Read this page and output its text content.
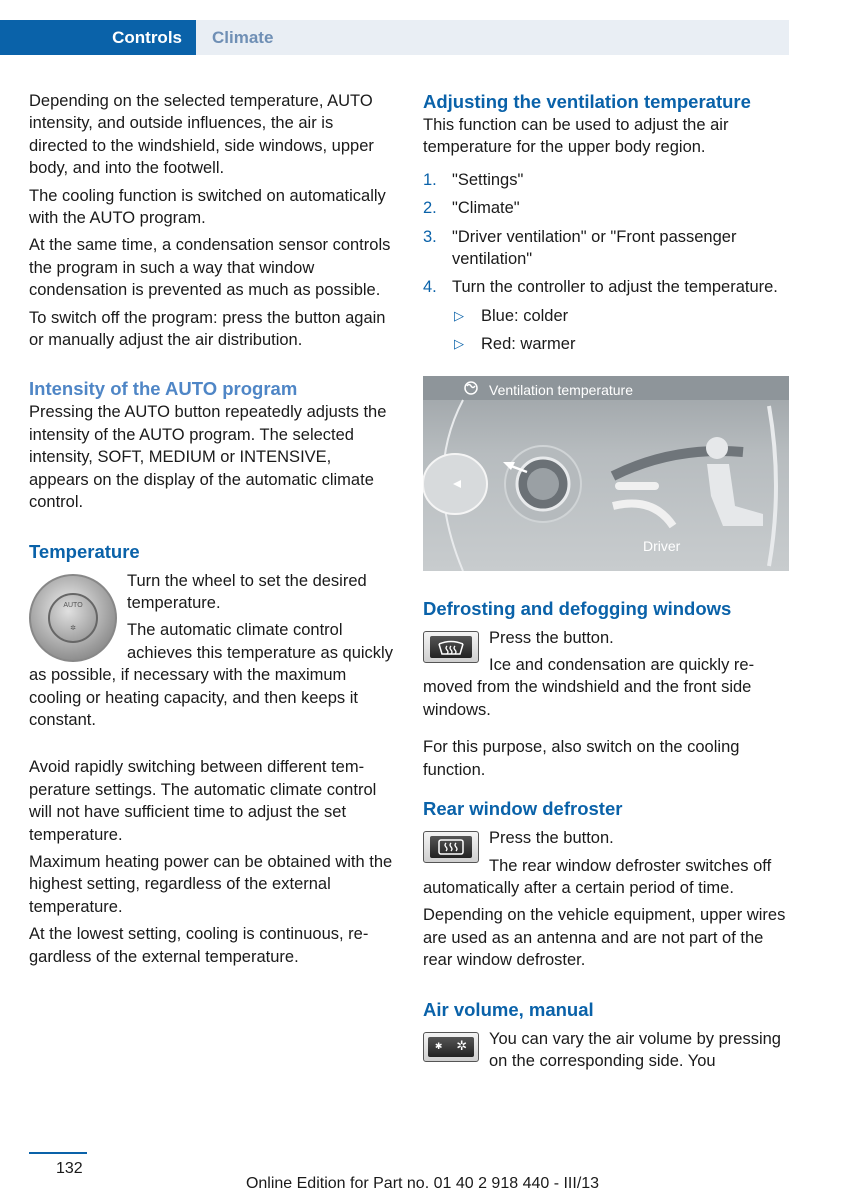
Controls Climate

Depending on the selected temperature, AUTO intensity, and outside influences, the air is directed to the windshield, side windows, upper body, and into the footwell.

The cooling function is switched on automatically with the AUTO program.

At the same time, a condensation sensor controls the program in such a way that window condensation is prevented as much as possible.

To switch off the program: press the button again or manually adjust the air distribution.

Intensity of the AUTO program

Pressing the AUTO button repeatedly adjusts the intensity of the AUTO program. The selected intensity, SOFT, MEDIUM or INTENSIVE, appears on the display of the automatic climate control.

Temperature
AUTO
✲

Turn the wheel to set the desired temperature.

The automatic climate control achieves this temperature as quickly as possible, if necessary with the maximum cooling or heating capacity, and then keeps it constant.

Avoid rapidly switching between different temperature settings. The automatic climate control will not have sufficient time to adjust the set temperature.

Maximum heating power can be obtained with the highest setting, regardless of the external temperature.

At the lowest setting, cooling is continuous, regardless of the external temperature.

Adjusting the ventilation temperature

This function can be used to adjust the air temperature for the upper body region.

1. "Settings"
2. "Climate"
3. "Driver ventilation" or "Front passenger ventilation"
4. Turn the controller to adjust the temperature.
▷ Blue: colder
▷ Red: warmer
Ventilation temperature
Driver
Defrosting and defogging windows

Press the button.

Ice and condensation are quickly removed from the windshield and the front side windows.

For this purpose, also switch on the cooling function.

Rear window defroster

Press the button.

The rear window defroster switches off automatically after a certain period of time.

Depending on the vehicle equipment, upper wires are used as an antenna and are not part of the rear window defroster.

Air volume, manual
✱ ✲	You can vary the air volume by pressing on the corresponding side. You

132
Online Edition for Part no. 01 40 2 918 440 - III/13
